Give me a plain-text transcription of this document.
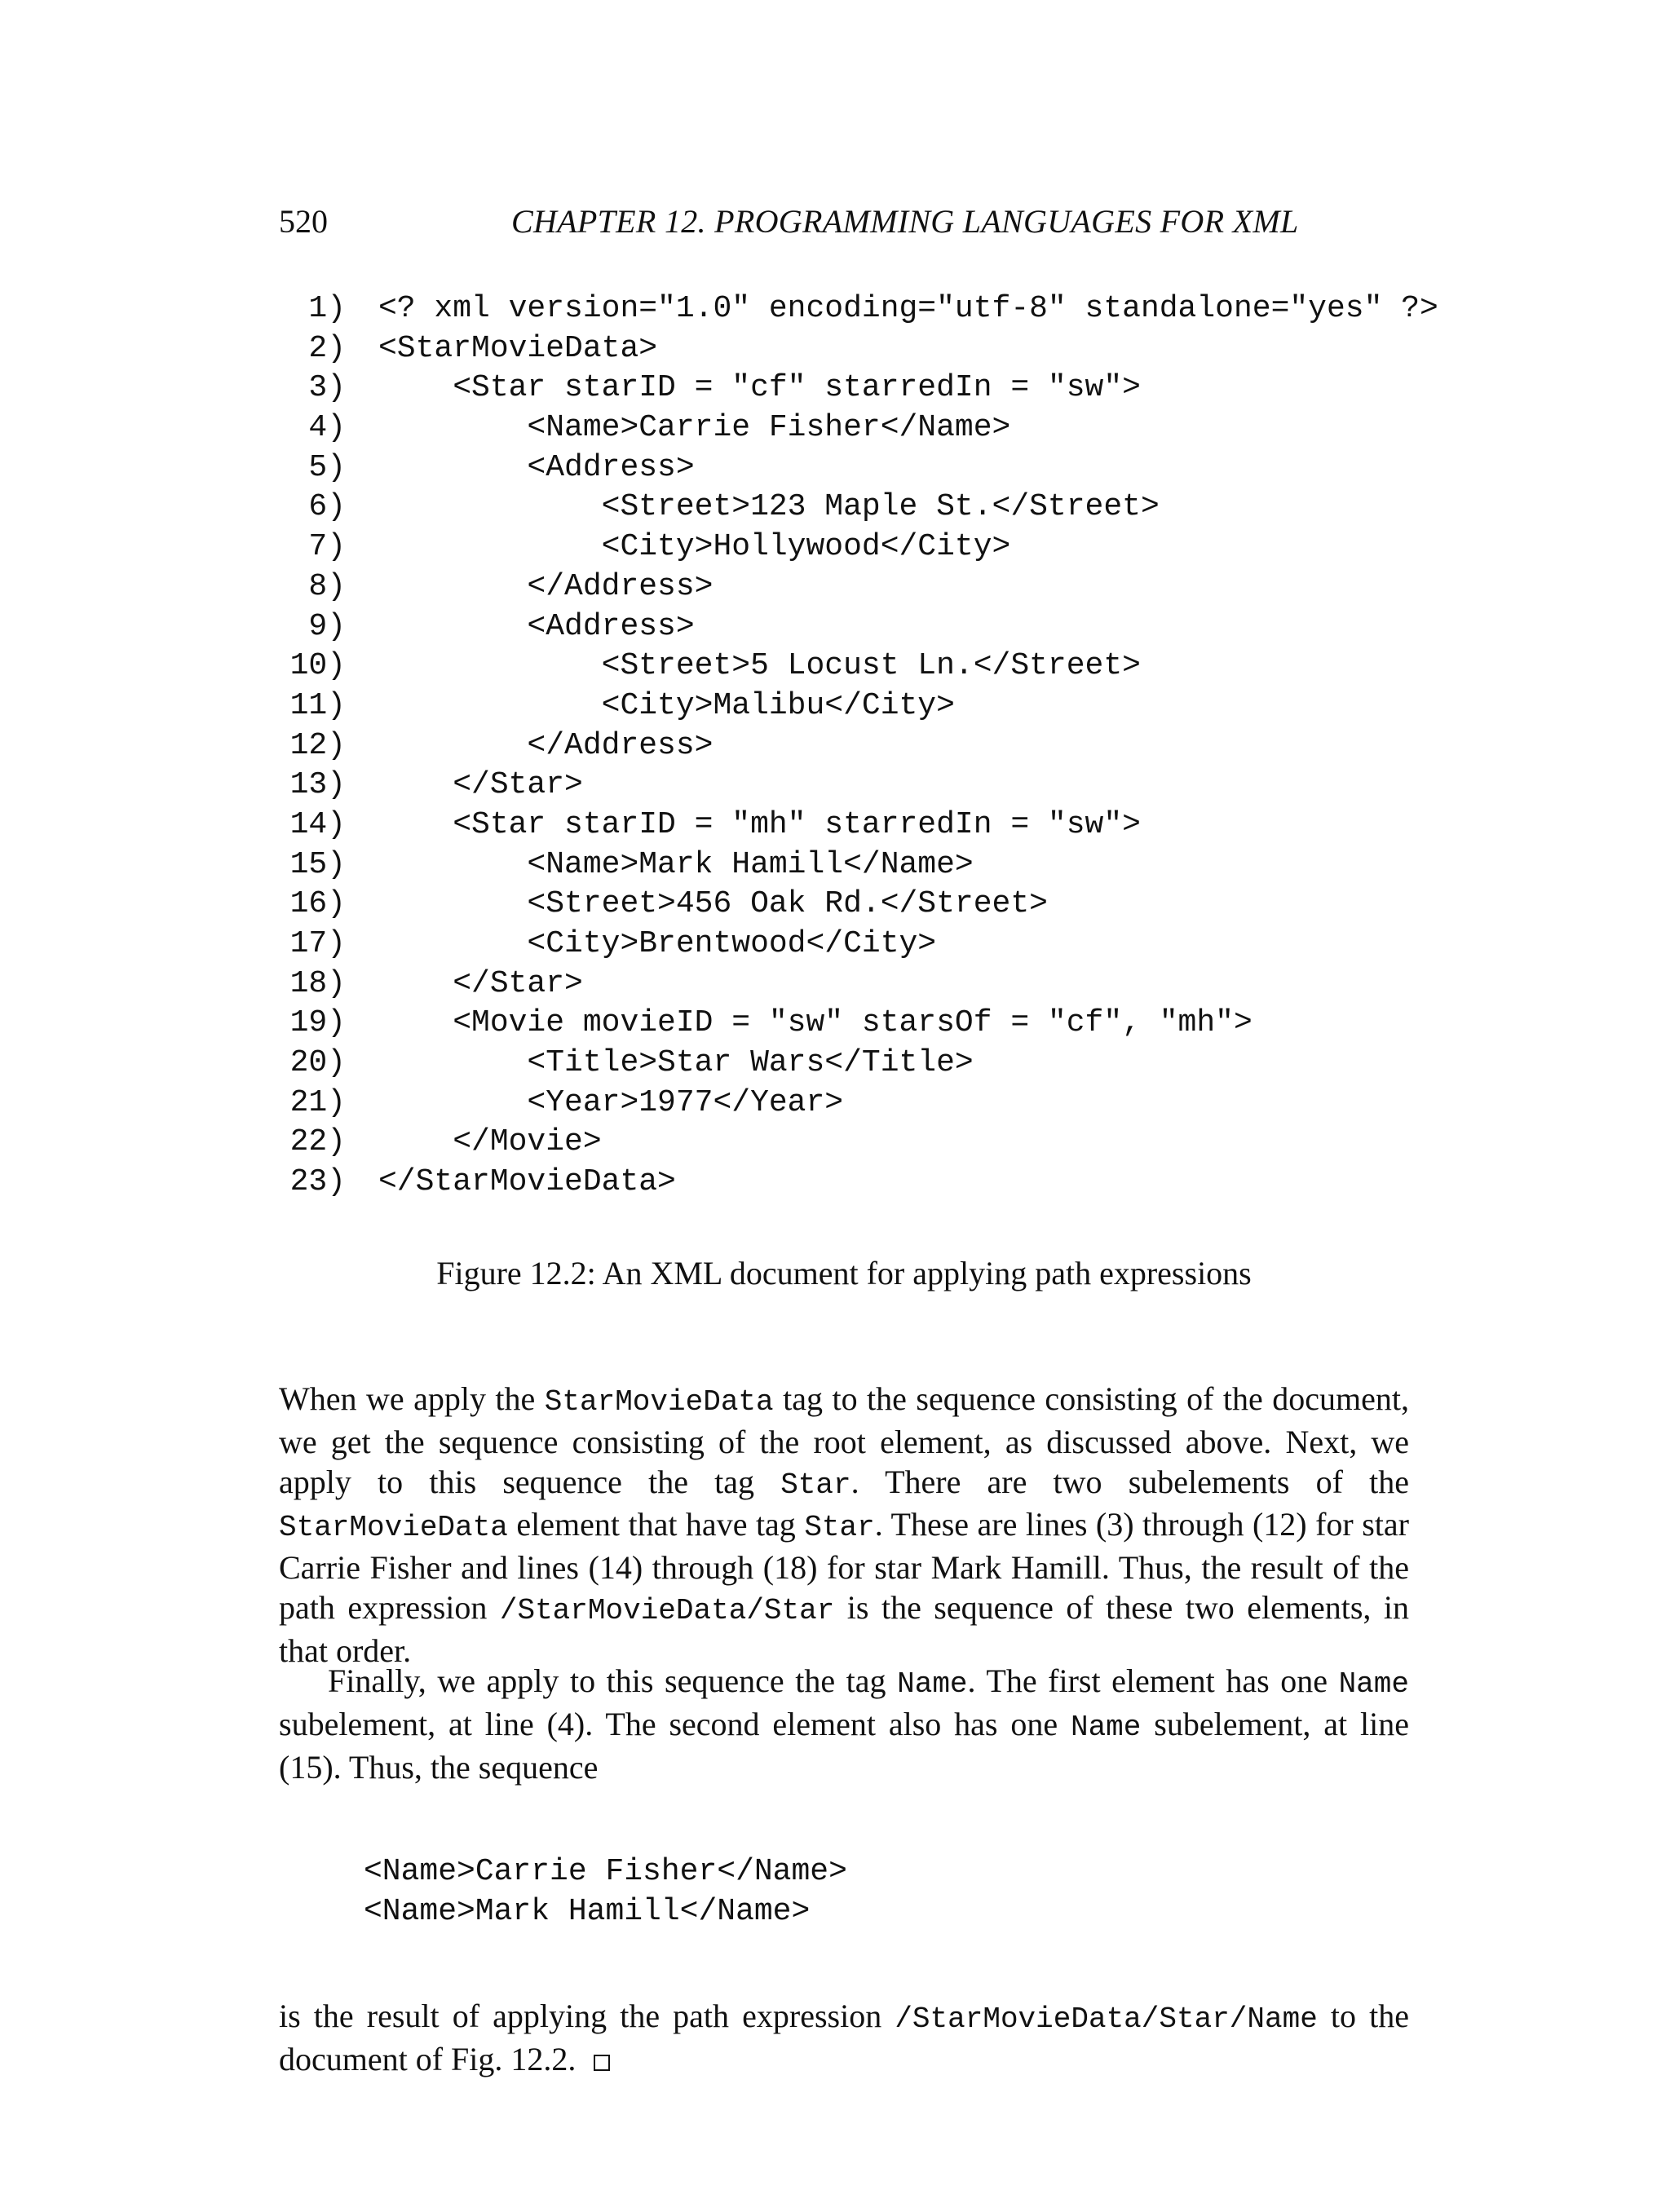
520	CHAPTER 12. PROGRAMMING LANGUAGES FOR XML
1) <? xml version="1.0" encoding="utf-8" standalone="yes" ?>
2) <StarMovieData>
3) <Star starID = "cf" starredIn = "sw">
4) <Name>Carrie Fisher</Name>
5) <Address>
6) <Street>123 Maple St.</Street>
7) <City>Hollywood</City>
8) </Address>
9) <Address>
10) <Street>5 Locust Ln.</Street>
11) <City>Malibu</City>
12) </Address>
13) </Star>
14) <Star starID = "mh" starredIn = "sw">
15) <Name>Mark Hamill</Name>
16) <Street>456 Oak Rd.</Street>
17) <City>Brentwood</City>
18) </Star>
19) <Movie movieID = "sw" starsOf = "cf", "mh">
20) <Title>Star Wars</Title>
21) <Year>1977</Year>
22) </Movie>
23) </StarMovieData>
Figure 12.2: An XML document for applying path expressions

When we apply the StarMovieData tag to the sequence consisting of the document, we get the sequence consisting of the root element, as discussed above. Next, we apply to this sequence the tag Star. There are two subelements of the StarMovieData element that have tag Star. These are lines (3) through (12) for star Carrie Fisher and lines (14) through (18) for star Mark Hamill. Thus, the result of the path expression /StarMovieData/Star is the sequence of these two elements, in that order.

Finally, we apply to this sequence the tag Name. The first element has one Name subelement, at line (4). The second element also has one Name subelement, at line (15). Thus, the sequence

<Name>Carrie Fisher</Name>
<Name>Mark Hamill</Name>

is the result of applying the path expression /StarMovieData/Star/Name to the document of Fig. 12.2.
